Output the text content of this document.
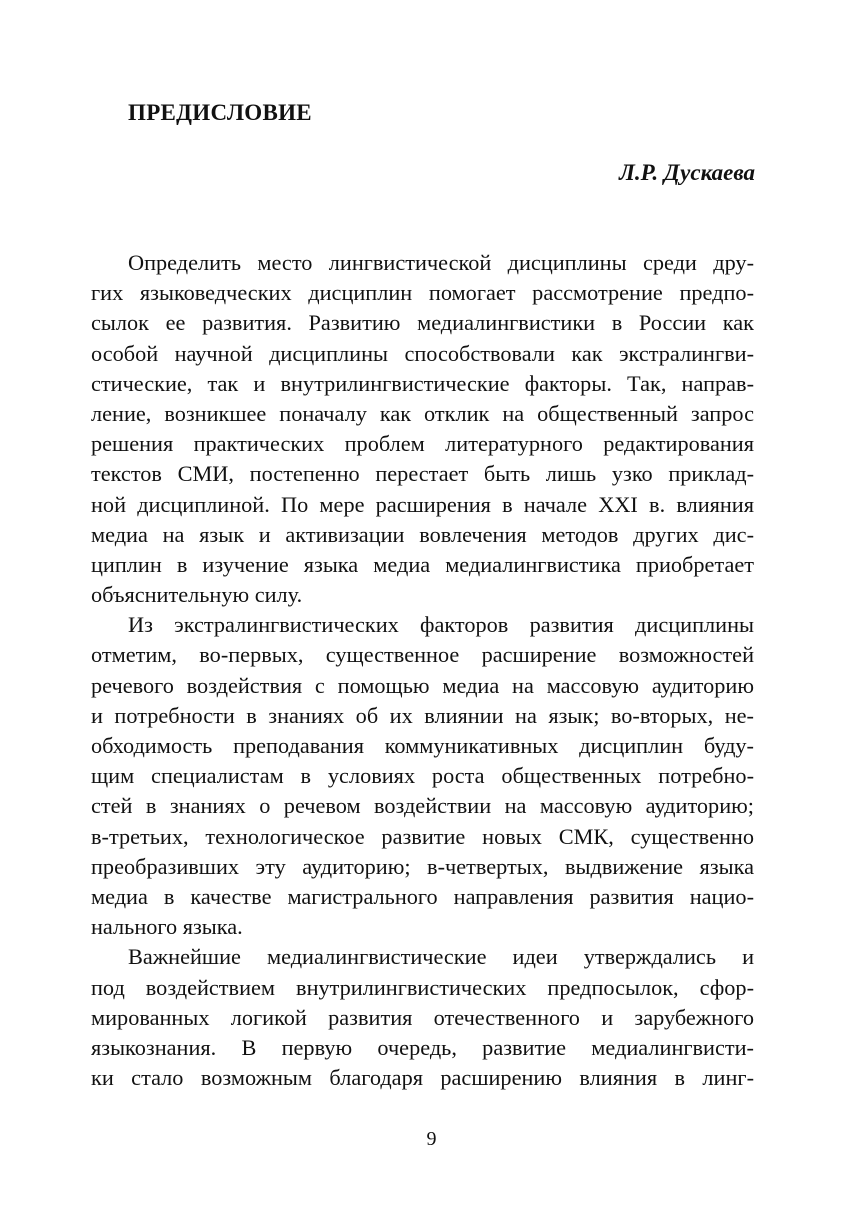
ПРЕДИСЛОВИЕ

Л.Р. Дускаева

Определить место лингвистической дисциплины среди дру-
гих языковедческих дисциплин помогает рассмотрение предпо-
сылок ее развития. Развитию медиалингвистики в России как
особой научной дисциплины способствовали как экстралингви-
стические, так и внутрилингвистические факторы. Так, направ-
ление, возникшее поначалу как отклик на общественный запрос
решения практических проблем литературного редактирования
текстов СМИ, постепенно перестает быть лишь узко приклад-
ной дисциплиной. По мере расширения в начале XXI в. влияния
медиа на язык и активизации вовлечения методов других дис-
циплин в изучение языка медиа медиалингвистика приобретает
объяснительную силу.
Из экстралингвистических факторов развития дисциплины
отметим, во-первых, существенное расширение возможностей
речевого воздействия с помощью медиа на массовую аудиторию
и потребности в знаниях об их влиянии на язык; во-вторых, не-
обходимость преподавания коммуникативных дисциплин буду-
щим специалистам в условиях роста общественных потребно-
стей в знаниях о речевом воздействии на массовую аудиторию;
в-третьих, технологическое развитие новых СМК, существенно
преобразивших эту аудиторию; в-четвертых, выдвижение языка
медиа в качестве магистрального направления развития нацио-
нального языка.
Важнейшие медиалингвистические идеи утверждались и
под воздействием внутрилингвистических предпосылок, сфор-
мированных логикой развития отечественного и зарубежного
языкознания. В первую очередь, развитие медиалингвисти-
ки стало возможным благодаря расширению влияния в линг-
9
